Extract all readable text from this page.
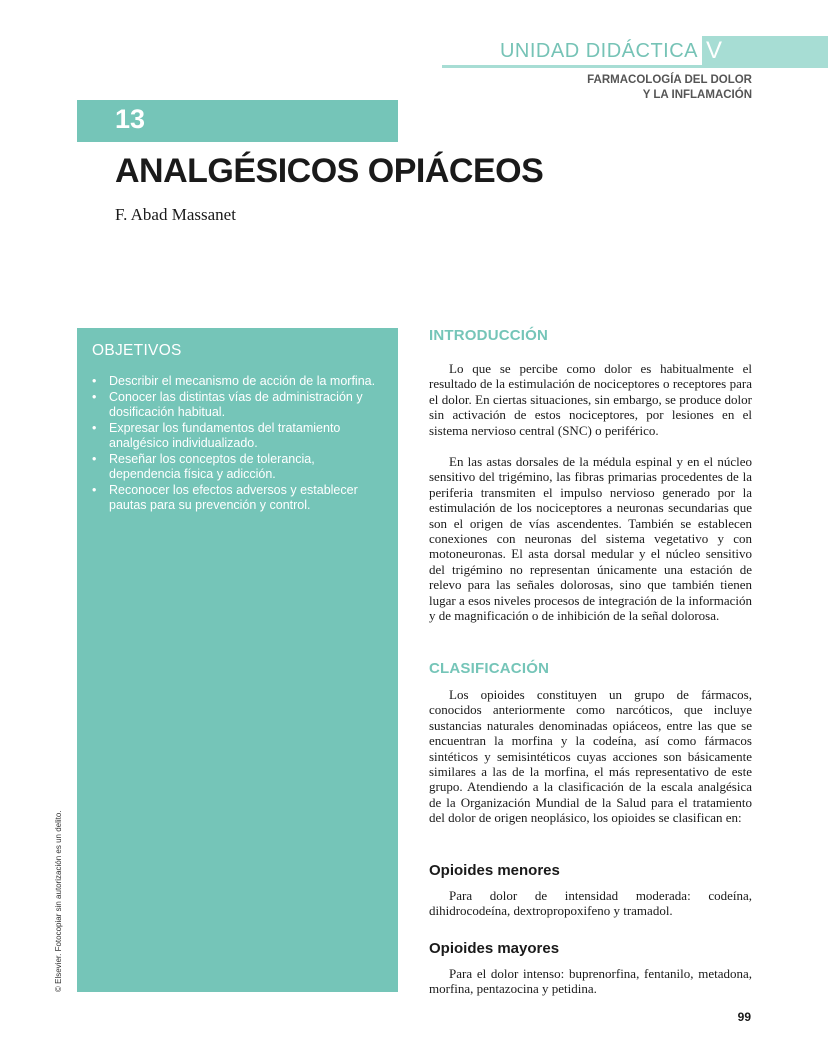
UNIDAD DIDÁCTICA V
FARMACOLOGÍA DEL DOLOR
Y LA INFLAMACIÓN
13
ANALGÉSICOS OPIÁCEOS
F. Abad Massanet
OBJETIVOS
• Describir el mecanismo de acción de la morfina.
• Conocer las distintas vías de administración y dosificación habitual.
• Expresar los fundamentos del tratamiento analgésico individualizado.
• Reseñar los conceptos de tolerancia, dependencia física y adicción.
• Reconocer los efectos adversos y establecer pautas para su prevención y control.
INTRODUCCIÓN

Lo que se percibe como dolor es habitualmente el resultado de la estimulación de nociceptores o receptores para el dolor. En ciertas situaciones, sin embargo, se produce dolor sin activación de estos nociceptores, por lesiones en el sistema nervioso central (SNC) o periférico.

En las astas dorsales de la médula espinal y en el núcleo sensitivo del trigémino, las fibras primarias procedentes de la periferia transmiten el impulso nervioso generado por la estimulación de los nociceptores a neuronas secundarias que son el origen de vías ascendentes. También se establecen conexiones con neuronas del sistema vegetativo y con motoneuronas. El asta dorsal medular y el núcleo sensitivo del trigémino no representan únicamente una estación de relevo para las señales dolorosas, sino que también tienen lugar a esos niveles procesos de integración de la información y de magnificación o de inhibición de la señal dolorosa.

CLASIFICACIÓN

Los opioides constituyen un grupo de fármacos, conocidos anteriormente como narcóticos, que incluye sustancias naturales denominadas opiáceos, entre las que se encuentran la morfina y la codeína, así como fármacos sintéticos y semisintéticos cuyas acciones son básicamente similares a las de la morfina, el más representativo de este grupo. Atendiendo a la clasificación de la escala analgésica de la Organización Mundial de la Salud para el tratamiento del dolor de origen neoplásico, los opioides se clasifican en:

Opioides menores

Para dolor de intensidad moderada: codeína, dihidrocodeína, dextropropoxifeno y tramadol.

Opioides mayores

Para el dolor intenso: buprenorfina, fentanilo, metadona, morfina, pentazocina y petidina.

© Elsevier. Fotocopiar sin autorización es un delito.
99
